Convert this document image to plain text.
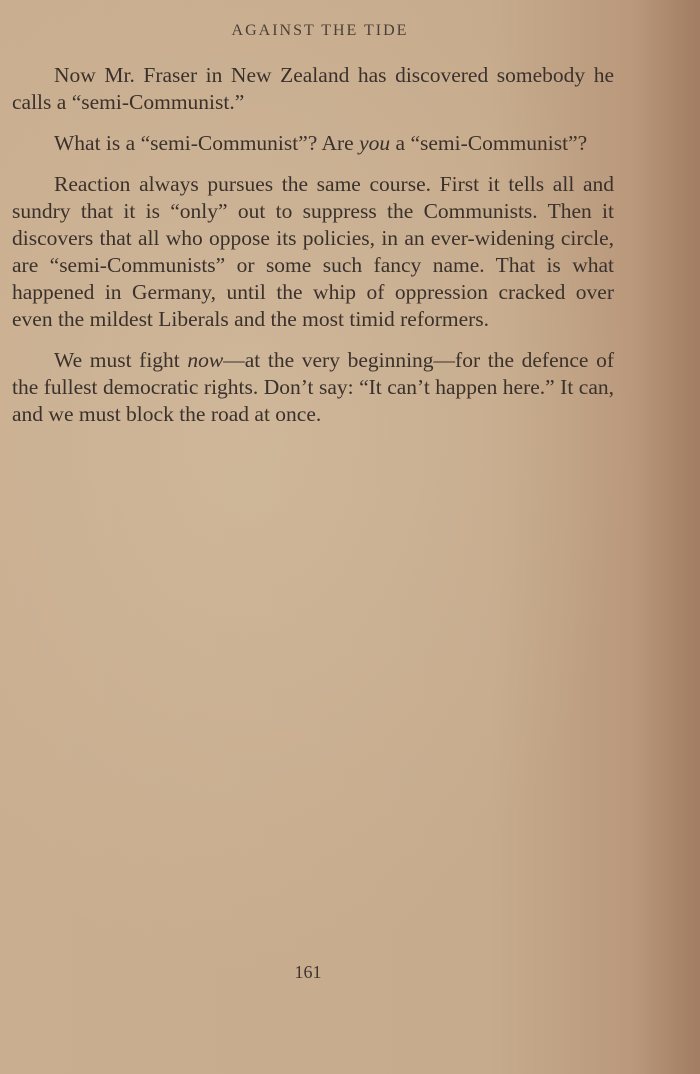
AGAINST THE TIDE

Now Mr. Fraser in New Zealand has discovered somebody he calls a “semi-Communist.”

What is a “semi-Communist”? Are you a “semi-Communist”?

Reaction always pursues the same course. First it tells all and sundry that it is “only” out to suppress the Communists. Then it discovers that all who oppose its policies, in an ever-widening circle, are “semi-Communists” or some such fancy name. That is what happened in Germany, until the whip of oppression cracked over even the mildest Liberals and the most timid reformers.

We must fight now—at the very beginning—for the defence of the fullest democratic rights. Don’t say: “It can’t happen here.” It can, and we must block the road at once.

161
